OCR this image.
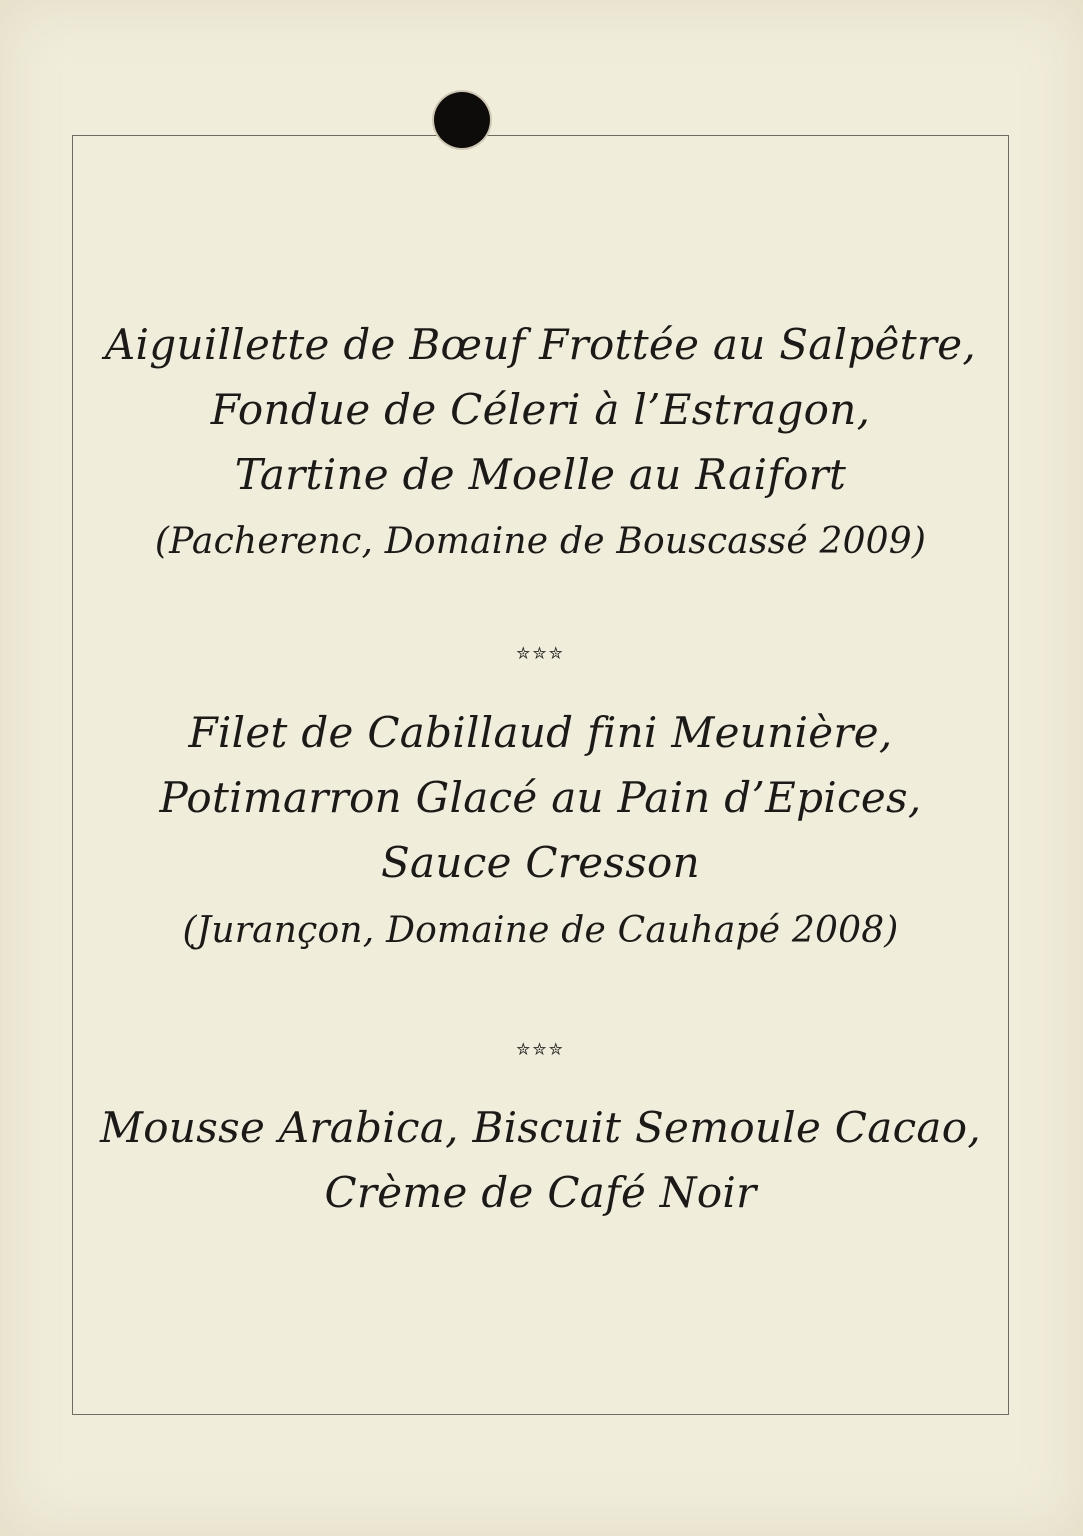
Aiguillette de Bœuf Frottée au Salpêtre,
Fondue de Céleri à l’Estragon,
Tartine de Moelle au Raifort
(Pacherenc, Domaine de Bouscassé 2009)
✮✮✮
Filet de Cabillaud fini Meunière,
Potimarron Glacé au Pain d’Epices,
Sauce Cresson
(Jurançon, Domaine de Cauhapé 2008)
✮✮✮
Mousse Arabica, Biscuit Semoule Cacao,
Crème de Café Noir
